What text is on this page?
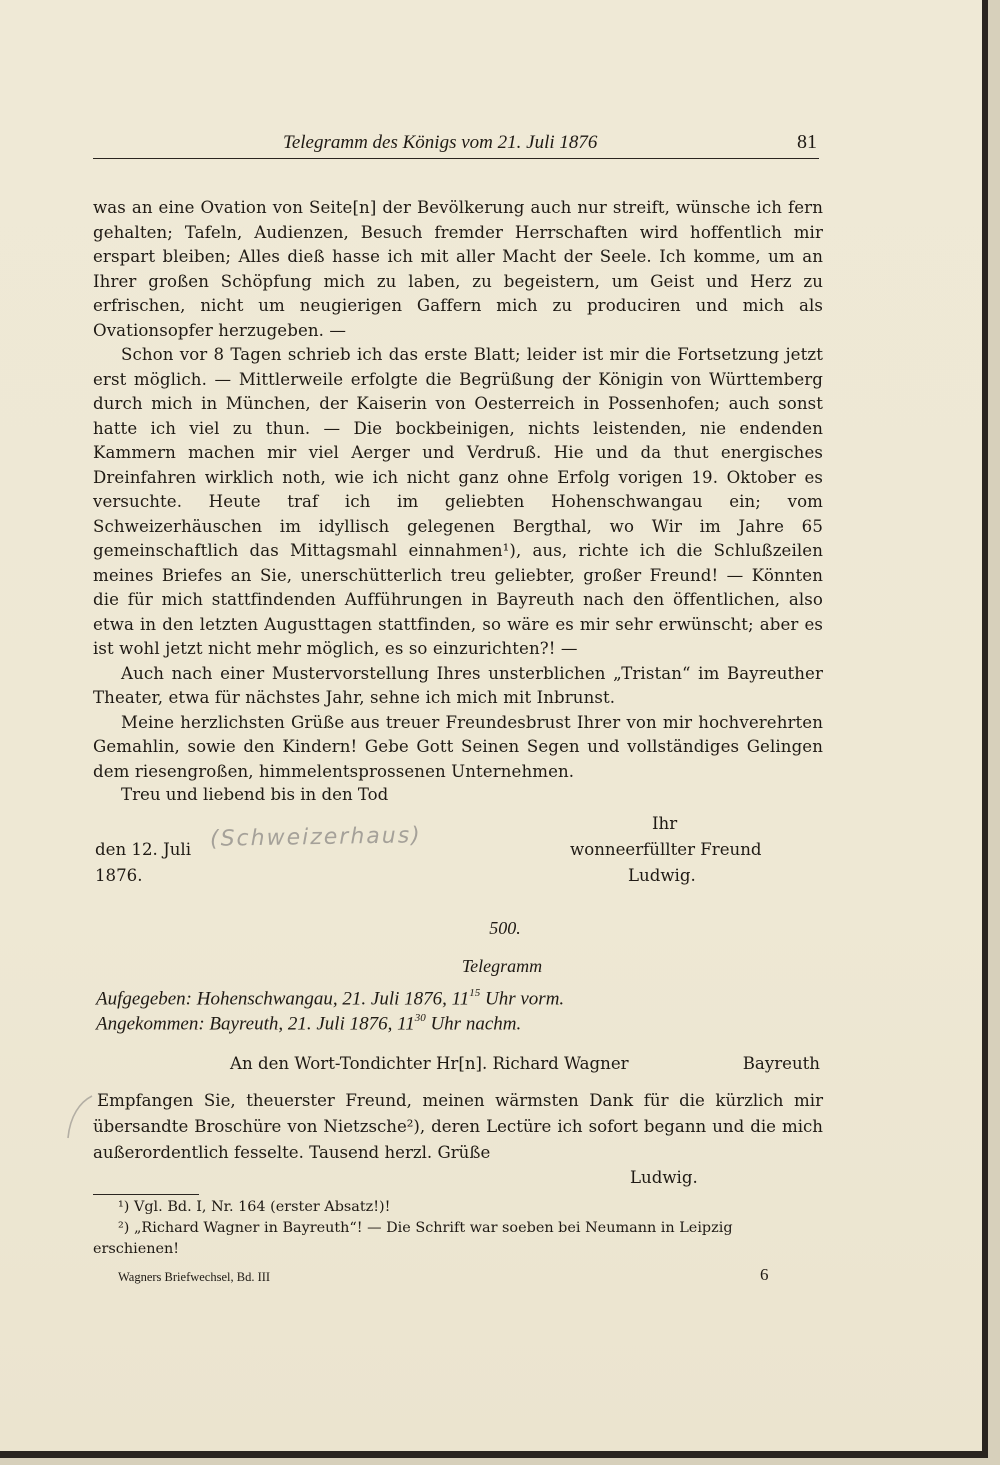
Telegramm des Königs vom 21. Juli 1876	81

was an eine Ovation von Seite[n] der Bevölkerung auch nur streift, wünsche ich fern gehalten; Tafeln, Audienzen, Besuch fremder Herrschaften wird hoffentlich mir erspart bleiben; Alles dieß hasse ich mit aller Macht der Seele. Ich komme, um an Ihrer großen Schöpfung mich zu laben, zu begeistern, um Geist und Herz zu erfrischen, nicht um neugierigen Gaffern mich zu produciren und mich als Ovationsopfer herzugeben. —

Schon vor 8 Tagen schrieb ich das erste Blatt; leider ist mir die Fortsetzung jetzt erst möglich. — Mittlerweile erfolgte die Begrüßung der Königin von Württemberg durch mich in München, der Kaiserin von Oesterreich in Possenhofen; auch sonst hatte ich viel zu thun. — Die bockbeinigen, nichts leistenden, nie endenden Kammern machen mir viel Aerger und Verdruß. Hie und da thut energisches Dreinfahren wirklich noth, wie ich nicht ganz ohne Erfolg vorigen 19. Oktober es versuchte. Heute traf ich im geliebten Hohenschwangau ein; vom Schweizerhäuschen im idyllisch gelegenen Bergthal, wo Wir im Jahre 65 gemeinschaftlich das Mittagsmahl einnahmen¹), aus, richte ich die Schlußzeilen meines Briefes an Sie, unerschütterlich treu geliebter, großer Freund! — Könnten die für mich stattfindenden Aufführungen in Bayreuth nach den öffentlichen, also etwa in den letzten Augusttagen stattfinden, so wäre es mir sehr erwünscht; aber es ist wohl jetzt nicht mehr möglich, es so einzurichten?! —

Auch nach einer Mustervorstellung Ihres unsterblichen „Tristan“ im Bayreuther Theater, etwa für nächstes Jahr, sehne ich mich mit Inbrunst.

Meine herzlichsten Grüße aus treuer Freundesbrust Ihrer von mir hochverehrten Gemahlin, sowie den Kindern! Gebe Gott Seinen Segen und vollständiges Gelingen dem riesengroßen, himmelentsprossenen Unternehmen.

Treu und liebend bis in den Tod
Ihr
wonneerfüllter Freund
Ludwig.
den 12. Juli
1876.
(Schweizerhaus)
500.
Telegramm
Aufgegeben: Hohenschwangau, 21. Juli 1876, $11^{15}$ Uhr vorm.
Angekommen: Bayreuth, 21. Juli 1876, $11^{30}$ Uhr nachm.
An den Wort-Tondichter Hr[n]. Richard Wagner	Bayreuth

Empfangen Sie, theuerster Freund, meinen wärmsten Dank für die kürzlich mir übersandte Broschüre von Nietzsche²), deren Lectüre ich sofort begann und die mich außerordentlich fesselte. Tausend herzl. Grüße

Ludwig.
¹) Vgl. Bd. I, Nr. 164 (erster Absatz!)!
²) „Richard Wagner in Bayreuth“! — Die Schrift war soeben bei Neumann in Leipzig
erschienen!
Wagners Briefwechsel, Bd. III	6
